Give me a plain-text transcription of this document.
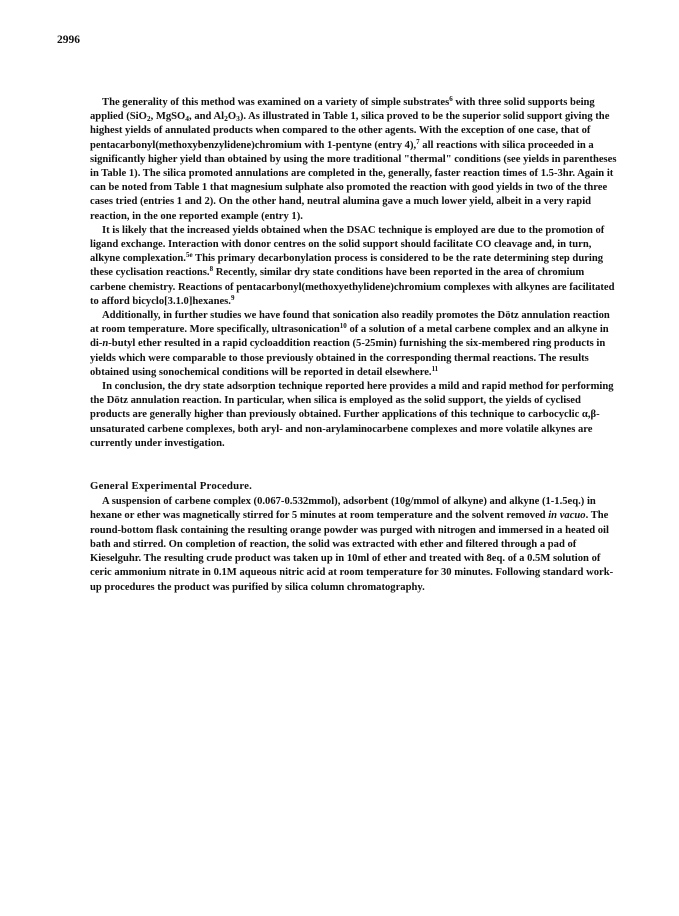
2996

The generality of this method was examined on a variety of simple substrates$^6$ with three solid supports being applied (SiO$_2$, MgSO$_4$, and $Al_2O_3$). As illustrated in Table 1, silica proved to be the superior solid support giving the highest yields of annulated products when compared to the other agents. With the exception of one case, that of pentacarbonyl(methoxybenzylidene)chromium with 1-pentyne (entry 4),$^7$ all reactions with silica proceeded in a significantly higher yield than obtained by using the more traditional "thermal" conditions (see yields in parentheses in Table 1). The silica promoted annulations are completed in the, generally, faster reaction times of 1.5-3hr. Again it can be noted from Table 1 that magnesium sulphate also promoted the reaction with good yields in two of the three cases tried (entries 1 and 2). On the other hand, neutral alumina gave a much lower yield, albeit in a very rapid reaction, in the one reported example (entry 1).

It is likely that the increased yields obtained when the DSAC technique is employed are due to the promotion of ligand exchange. Interaction with donor centres on the solid support should facilitate CO cleavage and, in turn, alkyne complexation.$^{5e}$ This primary decarbonylation process is considered to be the rate determining step during these cyclisation reactions.$^8$ Recently, similar dry state conditions have been reported in the area of chromium carbene chemistry. Reactions of pentacarbonyl(methoxyethylidene)chromium complexes with alkynes are facilitated to afford bicyclo[3.1.0]hexanes.$^9$

Additionally, in further studies we have found that sonication also readily promotes the Dötz annulation reaction at room temperature. More specifically, ultrasonication$^{10}$ of a solution of a metal carbene complex and an alkyne in di-n-butyl ether resulted in a rapid cycloaddition reaction (5-25min) furnishing the six-membered ring products in yields which were comparable to those previously obtained in the corresponding thermal reactions. The results obtained using sonochemical conditions will be reported in detail elsewhere.$^{11}$

In conclusion, the dry state adsorption technique reported here provides a mild and rapid method for performing the Dötz annulation reaction. In particular, when silica is employed as the solid support, the yields of cyclised products are generally higher than previously obtained. Further applications of this technique to carbocyclic α,β-unsaturated carbene complexes, both aryl- and non-arylaminocarbene complexes and more volatile alkynes are currently under investigation.

General Experimental Procedure.

A suspension of carbene complex (0.067-0.532mmol), adsorbent (10g/mmol of alkyne) and alkyne (1-1.5eq.) in hexane or ether was magnetically stirred for 5 minutes at room temperature and the solvent removed in vacuo. The round-bottom flask containing the resulting orange powder was purged with nitrogen and immersed in a heated oil bath and stirred. On completion of reaction, the solid was extracted with ether and filtered through a pad of Kieselguhr. The resulting crude product was taken up in 10ml of ether and treated with 8eq. of a 0.5M solution of ceric ammonium nitrate in 0.1M aqueous nitric acid at room temperature for 30 minutes. Following standard work-up procedures the product was purified by silica column chromatography.
